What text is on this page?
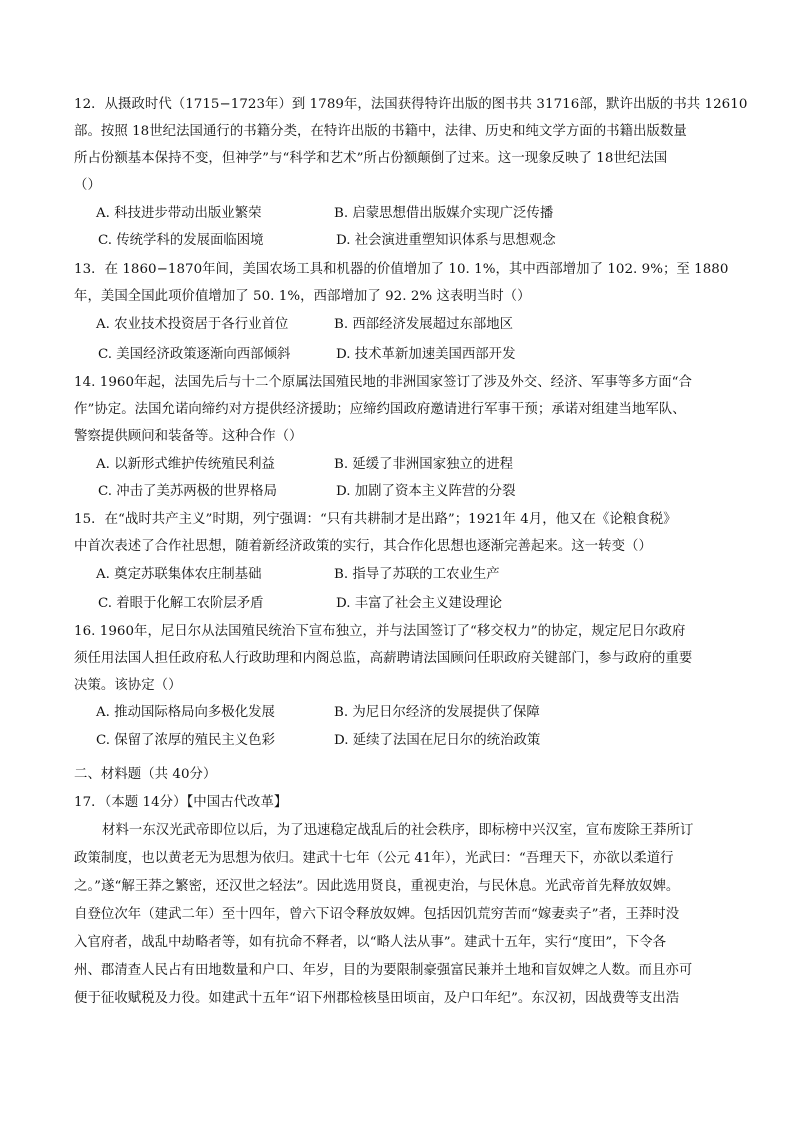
12．从摄政时代（1715−1723年）到 1789年，法国获得特许出版的图书共 31716部，默许出版的书共 12610
部。按照 18世纪法国通行的书籍分类，在特许出版的书籍中，法律、历史和纯文学方面的书籍出版数量
所占份额基本保持不变，但神学”与“科学和艺术”所占份额颠倒了过来。这一现象反映了 18世纪法国
（）
A. 科技进步带动出版业繁荣	B. 启蒙思想借出版媒介实现广泛传播
C. 传统学科的发展面临困境	D. 社会演进重塑知识体系与思想观念
13．在 1860−1870年间，美国农场工具和机器的价值增加了 10. 1%，其中西部增加了 102. 9%；至 1880
年，美国全国此项价值增加了 50. 1%，西部增加了 92. 2% 这表明当时（）
A. 农业技术投资居于各行业首位	B. 西部经济发展超过东部地区
C. 美国经济政策逐渐向西部倾斜	D. 技术革新加速美国西部开发
14. 1960年起，法国先后与十二个原属法国殖民地的非洲国家签订了涉及外交、经济、军事等多方面“合
作”协定。法国允诺向缔约对方提供经济援助；应缔约国政府邀请进行军事干预；承诺对组建当地军队、
警察提供顾问和装备等。这种合作（）
A. 以新形式维护传统殖民利益	B. 延缓了非洲国家独立的进程
C. 冲击了美苏两极的世界格局	D. 加剧了资本主义阵营的分裂
15．在“战时共产主义”时期，列宁强调：“只有共耕制才是出路”；1921年 4月，他又在《论粮食税》
中首次表述了合作社思想，随着新经济政策的实行，其合作化思想也逐渐完善起来。这一转变（）
A. 奠定苏联集体农庄制基础	B. 指导了苏联的工农业生产
C. 着眼于化解工农阶层矛盾	D. 丰富了社会主义建设理论
16. 1960年，尼日尔从法国殖民统治下宣布独立，并与法国签订了“移交权力”的协定，规定尼日尔政府
须任用法国人担任政府私人行政助理和内阁总监，高薪聘请法国顾问任职政府关键部门，参与政府的重要
决策。该协定（）
A. 推动国际格局向多极化发展	B. 为尼日尔经济的发展提供了保障
C. 保留了浓厚的殖民主义色彩	D. 延续了法国在尼日尔的统治政策
二、材料题（共 40分）
17．（本题 14分）【中国古代改革】
材料一东汉光武帝即位以后，为了迅速稳定战乱后的社会秩序，即标榜中兴汉室，宣布废除王莽所订
政策制度，也以黄老无为思想为依归。建武十七年（公元 41年），光武曰：“吾理天下，亦欲以柔道行
之。”遂“解王莽之繁密，还汉世之轻法”。因此选用贤良，重视吏治，与民休息。光武帝首先释放奴婢。
自登位次年（建武二年）至十四年，曾六下诏令释放奴婢。包括因饥荒穷苦而“嫁妻卖子”者，王莽时没
入官府者，战乱中劫略者等，如有抗命不释者，以“略人法从事”。建武十五年，实行“度田”，下令各
州、郡清查人民占有田地数量和户口、年岁，目的为要限制豪强富民兼并土地和盲奴婢之人数。而且亦可
便于征收赋税及力役。如建武十五年“诏下州郡检核垦田顷亩，及户口年纪”。东汉初，因战费等支出浩
